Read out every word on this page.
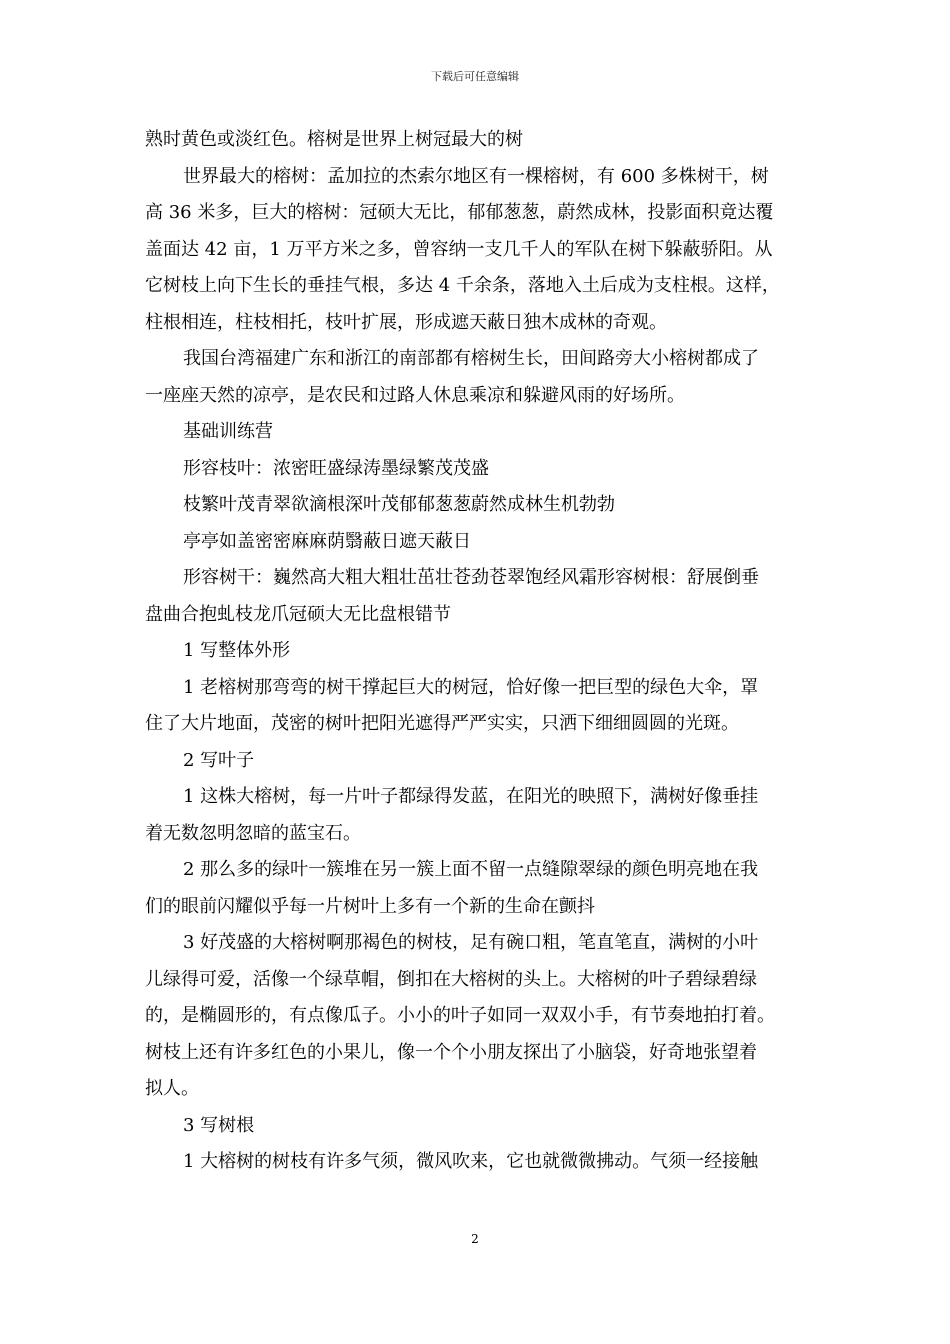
下载后可任意编辑

熟时黄色或淡红色。榕树是世界上树冠最大的树

世界最大的榕树：孟加拉的杰索尔地区有一棵榕树，有 600 多株树干，树

高 36 米多，巨大的榕树：冠硕大无比，郁郁葱葱，蔚然成林，投影面积竟达覆

盖面达 42 亩，1 万平方米之多，曾容纳一支几千人的军队在树下躲蔽骄阳。从

它树枝上向下生长的垂挂气根，多达 4 千余条，落地入土后成为支柱根。这样，

柱根相连，柱枝相托，枝叶扩展，形成遮天蔽日独木成林的奇观。

我国台湾福建广东和浙江的南部都有榕树生长，田间路旁大小榕树都成了

一座座天然的凉亭，是农民和过路人休息乘凉和躲避风雨的好场所。

基础训练营

形容枝叶：浓密旺盛绿涛墨绿繁茂茂盛

枝繁叶茂青翠欲滴根深叶茂郁郁葱葱蔚然成林生机勃勃

亭亭如盖密密麻麻荫翳蔽日遮天蔽日

形容树干：巍然高大粗大粗壮茁壮苍劲苍翠饱经风霜形容树根：舒展倒垂

盘曲合抱虬枝龙爪冠硕大无比盘根错节

1 写整体外形

1 老榕树那弯弯的树干撑起巨大的树冠，恰好像一把巨型的绿色大伞，罩

住了大片地面，茂密的树叶把阳光遮得严严实实，只洒下细细圆圆的光斑。

2 写叶子

1 这株大榕树，每一片叶子都绿得发蓝，在阳光的映照下，满树好像垂挂

着无数忽明忽暗的蓝宝石。

2 那么多的绿叶一簇堆在另一簇上面不留一点缝隙翠绿的颜色明亮地在我

们的眼前闪耀似乎每一片树叶上多有一个新的生命在颤抖

3 好茂盛的大榕树啊那褐色的树枝，足有碗口粗，笔直笔直，满树的小叶

儿绿得可爱，活像一个绿草帽，倒扣在大榕树的头上。大榕树的叶子碧绿碧绿

的，是椭圆形的，有点像瓜子。小小的叶子如同一双双小手，有节奏地拍打着。

树枝上还有许多红色的小果儿，像一个个小朋友探出了小脑袋，好奇地张望着

拟人。

3 写树根

1 大榕树的树枝有许多气须，微风吹来，它也就微微拂动。气须一经接触

2
